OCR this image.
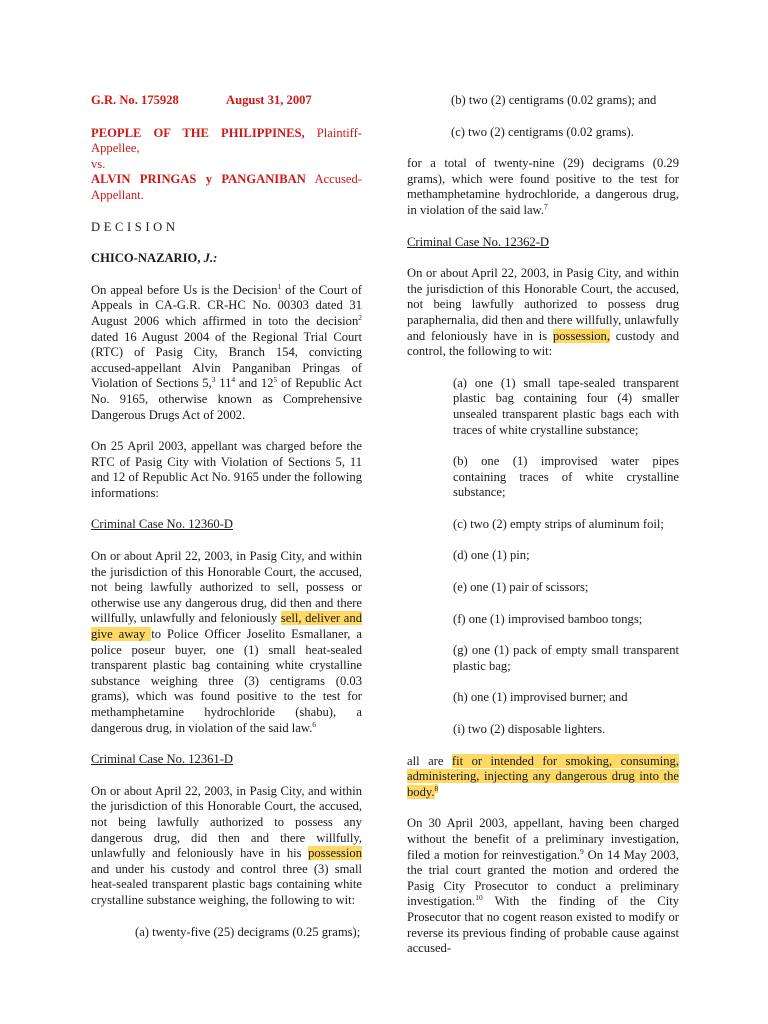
G.R. No. 175928	August 31, 2007
PEOPLE OF THE PHILIPPINES, Plaintiff-Appellee,
vs.
ALVIN PRINGAS y PANGANIBAN Accused-Appellant.
DECISION
CHICO-NAZARIO, J.:

On appeal before Us is the Decision$^1$ of the Court of Appeals in CA-G.R. CR-HC No. 00303 dated 31 August 2006 which affirmed in toto the decision$^2$ dated 16 August 2004 of the Regional Trial Court (RTC) of Pasig City, Branch 154, convicting accused-appellant Alvin Panganiban Pringas of Violation of Sections 5,$^3$ $11^4$ and $12^5$ of Republic Act No. 9165, otherwise known as Comprehensive Dangerous Drugs Act of 2002.

On 25 April 2003, appellant was charged before the RTC of Pasig City with Violation of Sections 5, 11 and 12 of Republic Act No. 9165 under the following informations:

Criminal Case No. 12360-D

On or about April 22, 2003, in Pasig City, and within the jurisdiction of this Honorable Court, the accused, not being lawfully authorized to sell, possess or otherwise use any dangerous drug, did then and there willfully, unlawfully and feloniously sell, deliver and give away to Police Officer Joselito Esmallaner, a police poseur buyer, one (1) small heat-sealed transparent plastic bag containing white crystalline substance weighing three (3) centigrams (0.03 grams), which was found positive to the test for methamphetamine hydrochloride (shabu), a dangerous drug, in violation of the said law.$^6$

Criminal Case No. 12361-D

On or about April 22, 2003, in Pasig City, and within the jurisdiction of this Honorable Court, the accused, not being lawfully authorized to possess any dangerous drug, did then and there willfully, unlawfully and feloniously have in his possession and under his custody and control three (3) small heat-sealed transparent plastic bags containing white crystalline substance weighing, the following to wit:

(a) twenty-five (25) decigrams (0.25 grams);
(b) two (2) centigrams (0.02 grams); and
(c) two (2) centigrams (0.02 grams).

for a total of twenty-nine (29) decigrams (0.29 grams), which were found positive to the test for methamphetamine hydrochloride, a dangerous drug, in violation of the said law.$^7$

Criminal Case No. 12362-D

On or about April 22, 2003, in Pasig City, and within the jurisdiction of this Honorable Court, the accused, not being lawfully authorized to possess drug paraphernalia, did then and there willfully, unlawfully and feloniously have in is possession, custody and control, the following to wit:

(a) one (1) small tape-sealed transparent plastic bag containing four (4) smaller unsealed transparent plastic bags each with traces of white crystalline substance;
(b) one (1) improvised water pipes containing traces of white crystalline substance;
(c) two (2) empty strips of aluminum foil;
(d) one (1) pin;
(e) one (1) pair of scissors;
(f) one (1) improvised bamboo tongs;
(g) one (1) pack of empty small transparent plastic bag;
(h) one (1) improvised burner; and
(i) two (2) disposable lighters.

all are fit or intended for smoking, consuming, administering, injecting any dangerous drug into the body.$^8$

On 30 April 2003, appellant, having been charged without the benefit of a preliminary investigation, filed a motion for reinvestigation.$^9$ On 14 May 2003, the trial court granted the motion and ordered the Pasig City Prosecutor to conduct a preliminary investigation.$^{10}$ With the finding of the City Prosecutor that no cogent reason existed to modify or reverse its previous finding of probable cause against accused-
